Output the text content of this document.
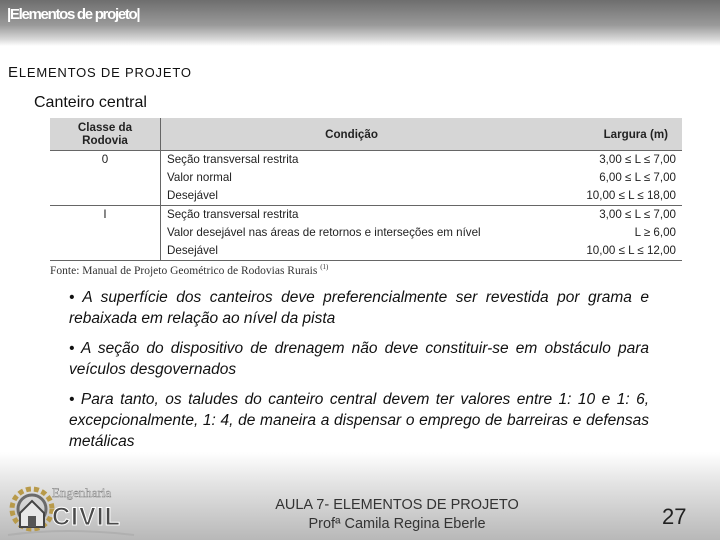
|Elementos de projeto|
ELEMENTOS DE PROJETO
Canteiro central
Classe da Rodovia	Condição	Largura (m)
0	Seção transversal restrita	3,00 ≤ L ≤ 7,00
	Valor normal	6,00 ≤ L ≤ 7,00
	Desejável	10,00 ≤ L ≤ 18,00
I	Seção transversal restrita	3,00 ≤ L ≤ 7,00
	Valor desejável nas áreas de retornos e interseções em nível	L ≥ 6,00
	Desejável	10,00 ≤ L ≤ 12,00
Fonte: Manual de Projeto Geométrico de Rodovias Rurais $^{(1)}$

• A superfície dos canteiros deve preferencialmente ser revestida por grama e rebaixada em relação ao nível da pista

• A seção do dispositivo de drenagem não deve constituir-se em obstáculo para veículos desgovernados

• Para tanto, os taludes do canteiro central devem ter valores entre 1: 10 e 1: 6, excepcionalmente, 1: 4, de maneira a dispensar o emprego de barreiras e defensas metálicas

Engenharia
CIVIL	AULA 7- ELEMENTOS DE PROJETO
Profª Camila Regina Eberle	27
